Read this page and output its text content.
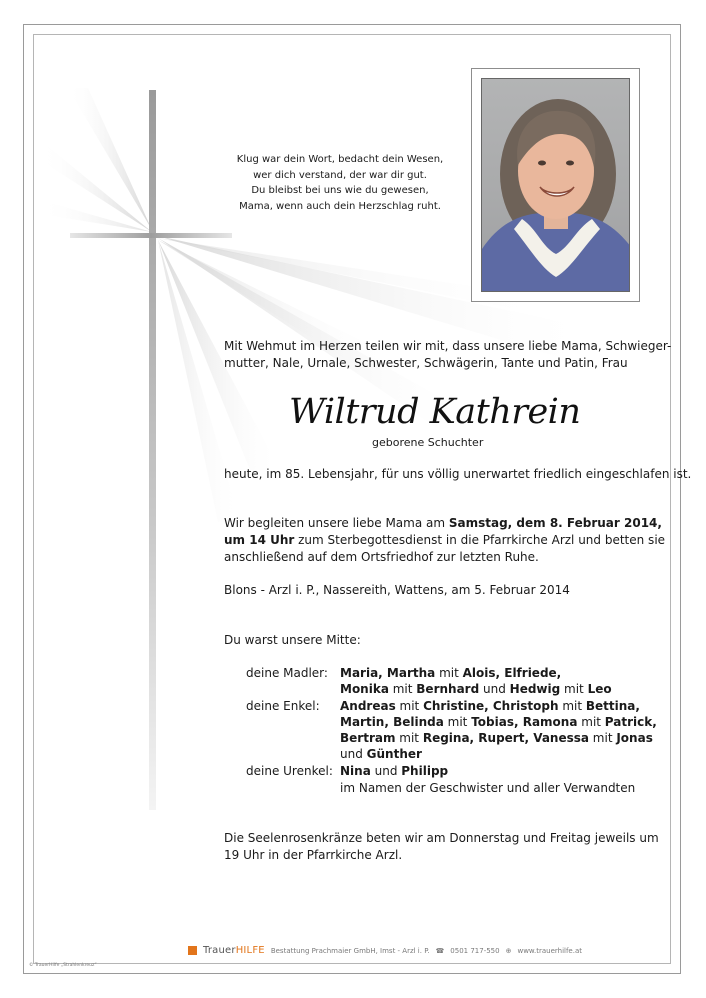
Klug war dein Wort, bedacht dein Wesen,
wer dich verstand, der war dir gut.
Du bleibst bei uns wie du gewesen,
Mama, wenn auch dein Herzschlag ruht.
Mit Wehmut im Herzen teilen wir mit, dass unsere liebe Mama, Schwieger-
mutter, Nale, Urnale, Schwester, Schwägerin, Tante und Patin, Frau
Wiltrud Kathrein
geborene Schuchter
heute, im 85. Lebensjahr, für uns völlig unerwartet friedlich eingeschlafen ist.
Wir begleiten unsere liebe Mama am Samstag, dem 8. Februar 2014,
um 14 Uhr zum Sterbegottesdienst in die Pfarrkirche Arzl und betten sie
anschließend auf dem Ortsfriedhof zur letzten Ruhe.
Blons - Arzl i. P., Nassereith, Wattens, am 5. Februar 2014
Du warst unsere Mitte:
deine Madler: Maria, Martha mit Alois, Elfriede,
Monika mit Bernhard und Hedwig mit Leo
deine Enkel: Andreas mit Christine, Christoph mit Bettina,
Martin, Belinda mit Tobias, Ramona mit Patrick,
Bertram mit Regina, Rupert, Vanessa mit Jonas
und Günther
deine Urenkel: Nina und Philipp
im Namen der Geschwister und aller Verwandten
Die Seelenrosenkränze beten wir am Donnerstag und Freitag jeweils um
19 Uhr in der Pfarrkirche Arzl.
TrauerHILFE Bestattung Prachmaier GmbH, Imst - Arzl i. P. ☎ 0501 717-550 ⊕ www.trauerhilfe.at
© TrauerHilfe „Strahlenkreuz“
